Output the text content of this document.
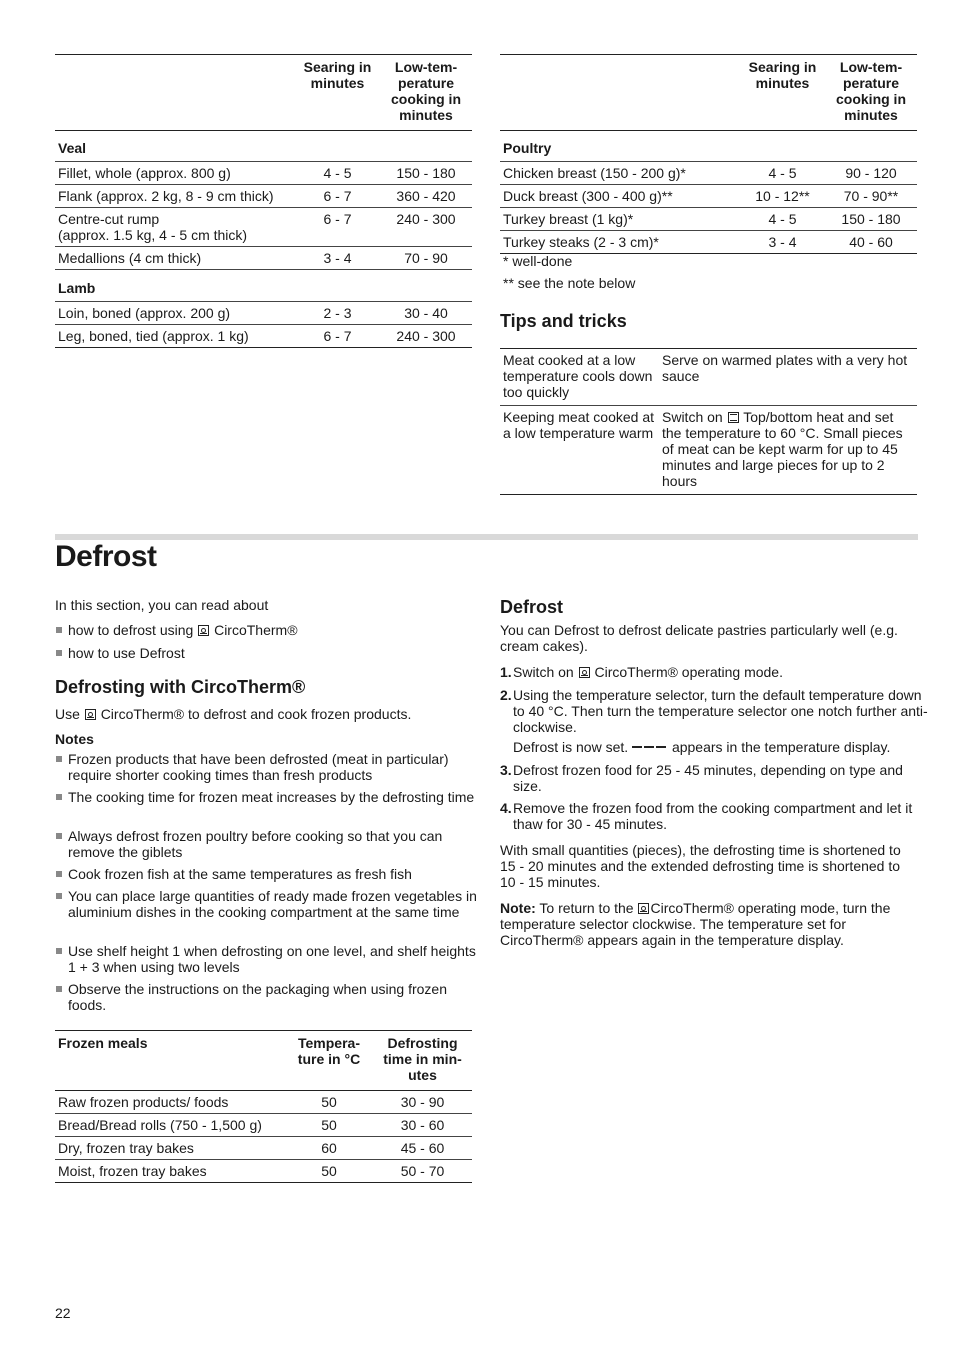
	Searing in minutes	Low-tem-perature cooking in minutes
Veal		
Fillet, whole (approx. 800 g)	4 - 5	150 - 180
Flank (approx. 2 kg, 8 - 9 cm thick)	6 - 7	360 - 420
Centre-cut rump
(approx. 1.5 kg, 4 - 5 cm thick)	6 - 7	240 - 300
Medallions (4 cm thick)	3 - 4	70 - 90
Lamb		
Loin, boned (approx. 200 g)	2 - 3	30 - 40
Leg, boned, tied (approx. 1 kg)	6 - 7	240 - 300
	Searing in minutes	Low-tem-perature cooking in minutes
Poultry		
Chicken breast (150 - 200 g)*	4 - 5	90 - 120
Duck breast (300 - 400 g)**	10 - 12**	70 - 90**
Turkey breast (1 kg)*	4 - 5	150 - 180
Turkey steaks (2 - 3 cm)*	3 - 4	40 - 60
* well-done
** see the note below
Tips and tricks
Meat cooked at a low temperature cools down too quickly	Serve on warmed plates with a very hot sauce
Keeping meat cooked at a low temperature warm	Switch on Top/bottom heat and set the temperature to 60 °C. Small pieces of meat can be kept warm for up to 45 minutes and large pieces for up to 2 hours
Defrost
In this section, you can read about
how to defrost using CircoTherm®
how to use Defrost
Defrosting with CircoTherm®
Use CircoTherm® to defrost and cook frozen products.
Notes
Frozen products that have been defrosted (meat in particular) require shorter cooking times than fresh products
The cooking time for frozen meat increases by the defrosting time
Always defrost frozen poultry before cooking so that you can remove the giblets
Cook frozen fish at the same temperatures as fresh fish
You can place large quantities of ready made frozen vegetables in aluminium dishes in the cooking compartment at the same time
Use shelf height 1 when defrosting on one level, and shelf heights 1 + 3 when using two levels
Observe the instructions on the packaging when using frozen foods.
Frozen meals	Tempera-ture in °C	Defrosting time in min-utes
Raw frozen products/ foods	50	30 - 90
Bread/Bread rolls (750 - 1,500 g)	50	30 - 60
Dry, frozen tray bakes	60	45 - 60
Moist, frozen tray bakes	50	50 - 70
Defrost
You can Defrost to defrost delicate pastries particularly well (e.g. cream cakes).
1. Switch on CircoTherm® operating mode.
2. Using the temperature selector, turn the default temperature down to 40 °C. Then turn the temperature selector one notch further anti-clockwise.
Defrost is now set.	appears in the temperature display.
3. Defrost frozen food for 25 - 45 minutes, depending on type and size.
4. Remove the frozen food from the cooking compartment and let it thaw for 30 - 45 minutes.
With small quantities (pieces), the defrosting time is shortened to 15 - 20 minutes and the extended defrosting time is shortened to 10 - 15 minutes.
Note: To return to the CircoTherm® operating mode, turn the temperature selector clockwise. The temperature set for CircoTherm® appears again in the temperature display.
22
